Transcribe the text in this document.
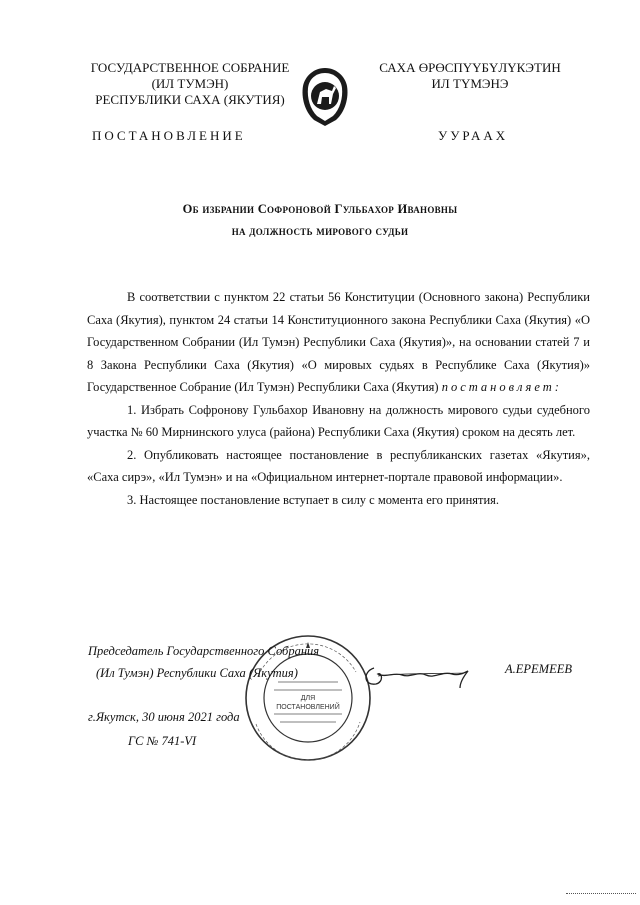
ГОСУДАРСТВЕННОЕ СОБРАНИЕ
(ИЛ ТУМЭН)
РЕСПУБЛИКИ САХА (ЯКУТИЯ)
САХА ӨРӨСПҮҮБҮЛҮКЭТИН
ИЛ ТҮМЭНЭ
ПОСТАНОВЛЕНИЕ	УУРААХ
Об избрании Софроновой Гульбахор Ивановны
на должность мирового судьи

В соответствии с пунктом 22 статьи 56 Конституции (Основного закона) Республики Саха (Якутия), пунктом 24 статьи 14 Конституционного закона Республики Саха (Якутия) «О Государственном Собрании (Ил Тумэн) Республики Саха (Якутия)», на основании статей 7 и 8 Закона Республики Саха (Якутия) «О мировых судьях в Республике Саха (Якутия)» Государственное Собрание (Ил Тумэн) Республики Саха (Якутия) постановляет:

1. Избрать Софронову Гульбахор Ивановну на должность мирового судьи судебного участка № 60 Мирнинского улуса (района) Республики Саха (Якутия) сроком на десять лет.

2. Опубликовать настоящее постановление в республиканских газетах «Якутия», «Саха сирэ», «Ил Тумэн» и на «Официальном интернет-портале правовой информации».

3. Настоящее постановление вступает в силу с момента его принятия.

ДЛЯ
ПОСТАНОВЛЕНИЙ
Председатель Государственного Собрания
(Ил Тумэн) Республики Саха (Якутия)	А.ЕРЕМЕЕВ
г.Якутск, 30 июня 2021 года
ГС № 741-VI
